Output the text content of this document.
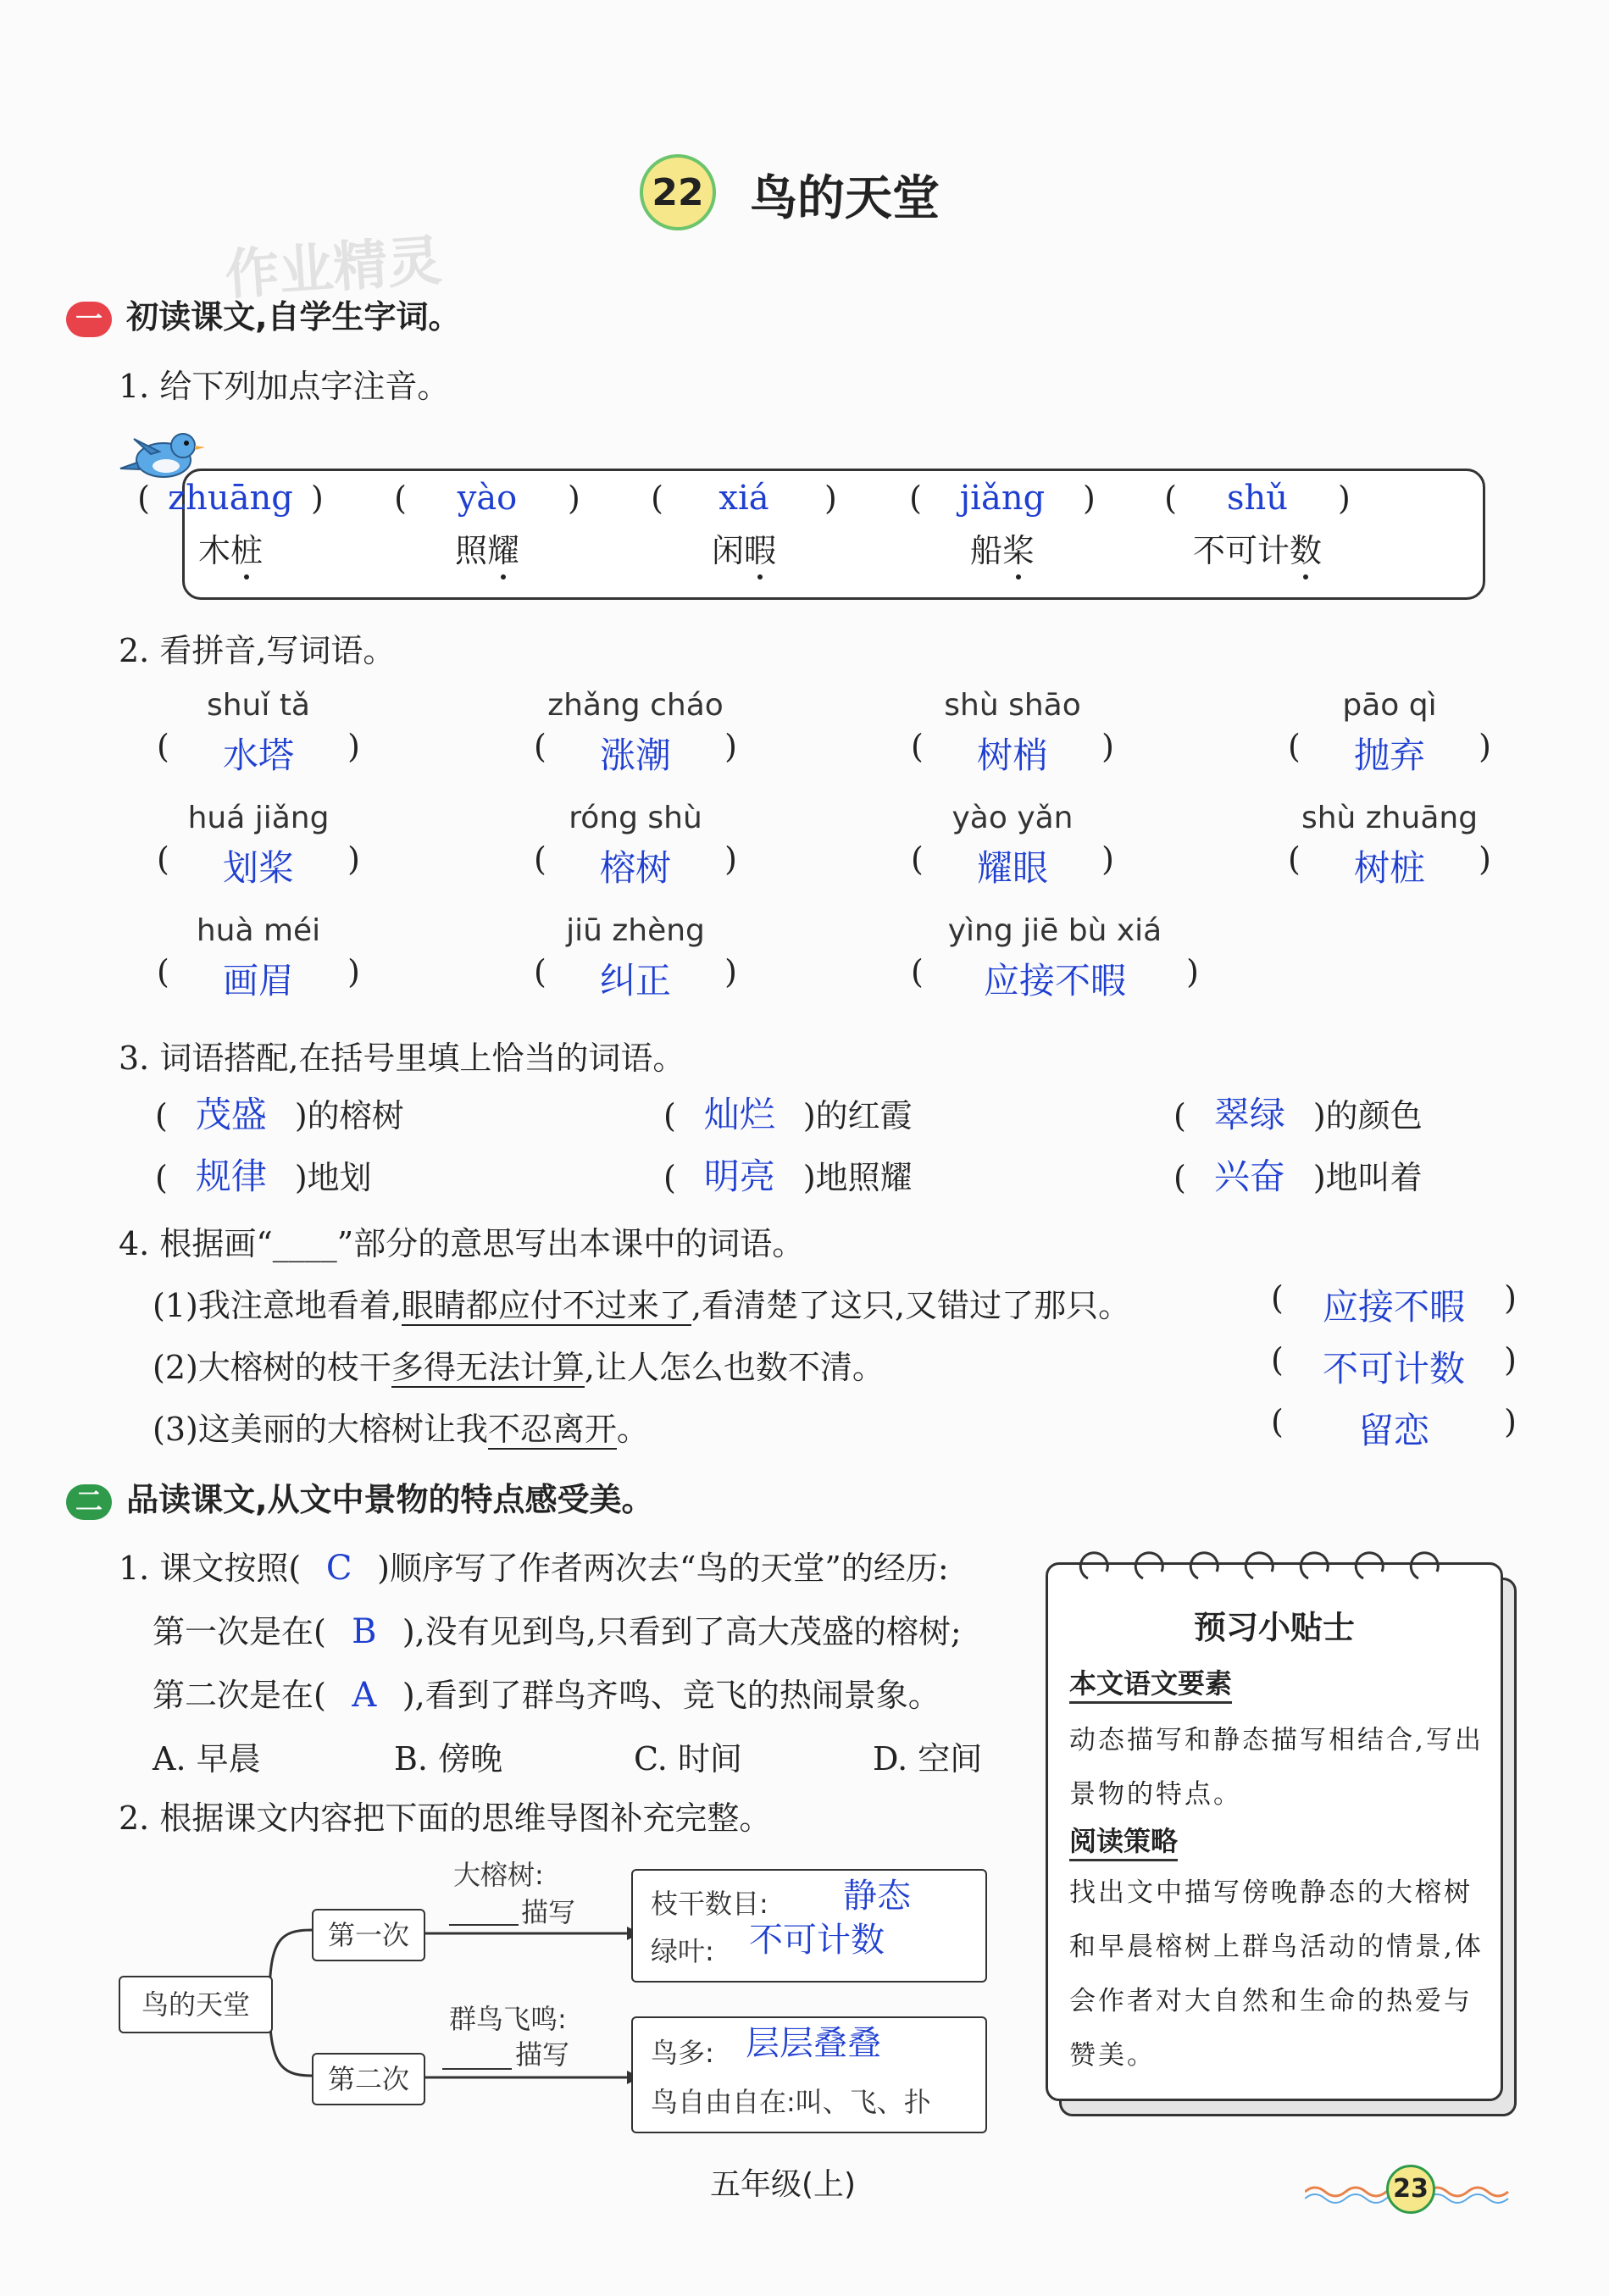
22 鸟的天堂
作业精灵
一 初读课文,自学生字词。
1. 给下列加点字注音。
( zhuāng )
木桩
( yào )
照耀
( xiá )
闲暇
( jiǎng )
船桨
( shǔ )
不可计数
2. 看拼音,写词语。
shuǐ tǎ
( 水塔 )
zhǎng cháo
( 涨潮 )
shù shāo
( 树梢 )
pāo qì
( 抛弃 )
huá jiǎng
( 划桨 )
róng shù
( 榕树 )
yào yǎn
( 耀眼 )
shù zhuāng
( 树桩 )
huà méi
( 画眉 )
jiū zhèng
( 纠正 )
yìng jiē bù xiá
( 应接不暇 )
3. 词语搭配,在括号里填上恰当的词语。
( 茂盛 )的榕树	( 灿烂 )的红霞	( 翠绿 )的颜色
( 规律 )地划	( 明亮 )地照耀	( 兴奋 )地叫着
4. 根据画“____”部分的意思写出本课中的词语。
(1)我注意地看着,眼睛都应付不过来了,看清楚了这只,又错过了那只。	( 应接不暇 )
(2)大榕树的枝干多得无法计算,让人怎么也数不清。	( 不可计数 )
(3)这美丽的大榕树让我不忍离开。	( 留恋 )
二 品读课文,从文中景物的特点感受美。
1. 课文按照( C )顺序写了作者两次去“鸟的天堂”的经历:
第一次是在( B ),没有见到鸟,只看到了高大茂盛的榕树;
第二次是在( A ),看到了群鸟齐鸣、竞飞的热闹景象。
A. 早晨	B. 傍晚	C. 时间	D. 空间
2. 根据课文内容把下面的思维导图补充完整。
鸟的天堂
第一次
第二次
大榕树:
描写
群鸟飞鸣:
描写
枝干数目:
绿叶:
静态
不可计数
鸟多: 层层叠叠
鸟自由自在:叫、飞、扑
预习小贴士
本文语文要素
动态描写和静态描写相结合,写出景物的特点。
阅读策略
找出文中描写傍晚静态的大榕树和早晨榕树上群鸟活动的情景,体会作者对大自然和生命的热爱与赞美。
五年级(上)	23
